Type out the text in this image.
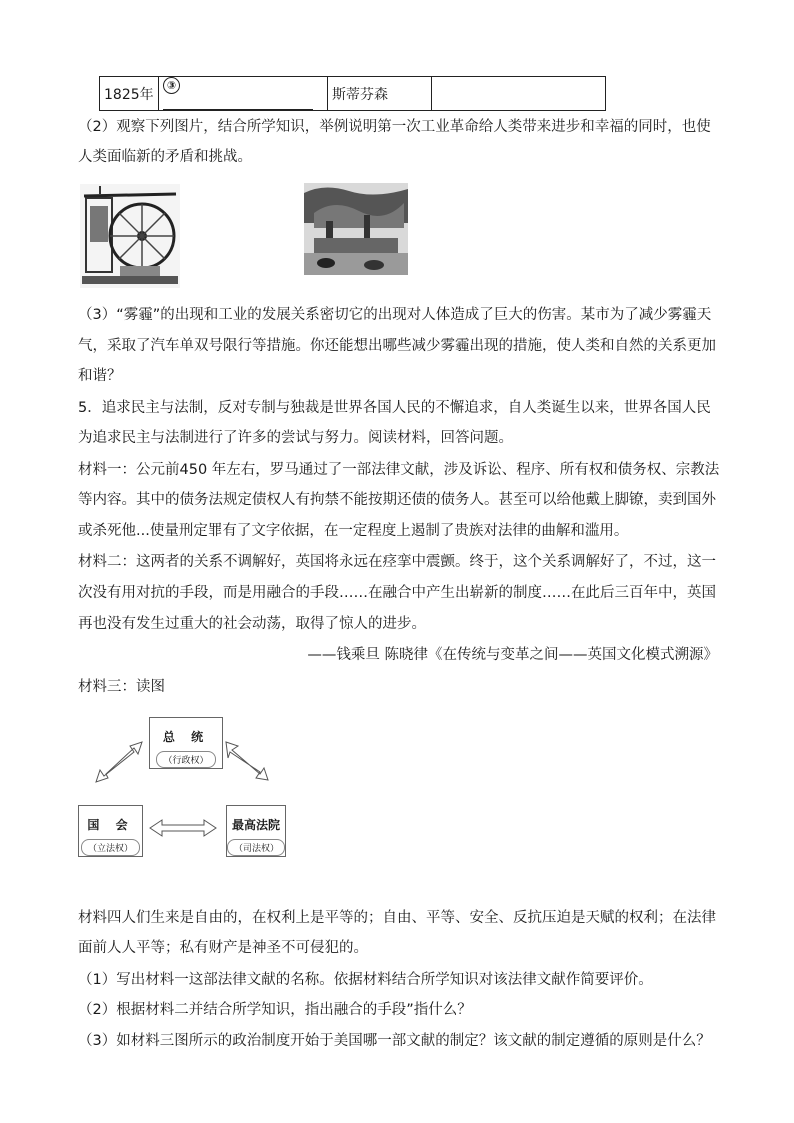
1825年	③	斯蒂芬森	
（2）观察下列图片，结合所学知识，举例说明第一次工业革命给人类带来进步和幸福的同时，也使
人类面临新的矛盾和挑战。
（3）“雾霾”的出现和工业的发展关系密切它的出现对人体造成了巨大的伤害。某市为了减少雾霾天
气，采取了汽车单双号限行等措施。你还能想出哪些减少雾霾出现的措施，使人类和自然的关系更加
和谐？
5．追求民主与法制，反对专制与独裁是世界各国人民的不懈追求，自人类诞生以来，世界各国人民
为追求民主与法制进行了许多的尝试与努力。阅读材料，回答问题。
材料一：公元前450 年左右，罗马通过了一部法律文献，涉及诉讼、程序、所有权和债务权、宗教法
等内容。其中的债务法规定债权人有拘禁不能按期还债的债务人。甚至可以给他戴上脚镣，卖到国外
或杀死他...使量刑定罪有了文字依据，在一定程度上遏制了贵族对法律的曲解和滥用。
材料二：这两者的关系不调解好，英国将永远在痉挛中震颤。终于，这个关系调解好了，不过，这一
次没有用对抗的手段，而是用融合的手段……在融合中产生出崭新的制度……在此后三百年中，英国
再也没有发生过重大的社会动荡，取得了惊人的进步。
——钱乘旦 陈晓律《在传统与变革之间——英国文化模式溯源》
材料三：读图
总 统
（行政权）
国 会
（立法权）
最高法院
（司法权）
材料四人们生来是自由的，在权利上是平等的；自由、平等、安全、反抗压迫是天赋的权利；在法律
面前人人平等；私有财产是神圣不可侵犯的。
（1）写出材料一这部法律文献的名称。依据材料结合所学知识对该法律文献作简要评价。
（2）根据材料二并结合所学知识，指出融合的手段”指什么？
（3）如材料三图所示的政治制度开始于美国哪一部文献的制定？该文献的制定遵循的原则是什么？
